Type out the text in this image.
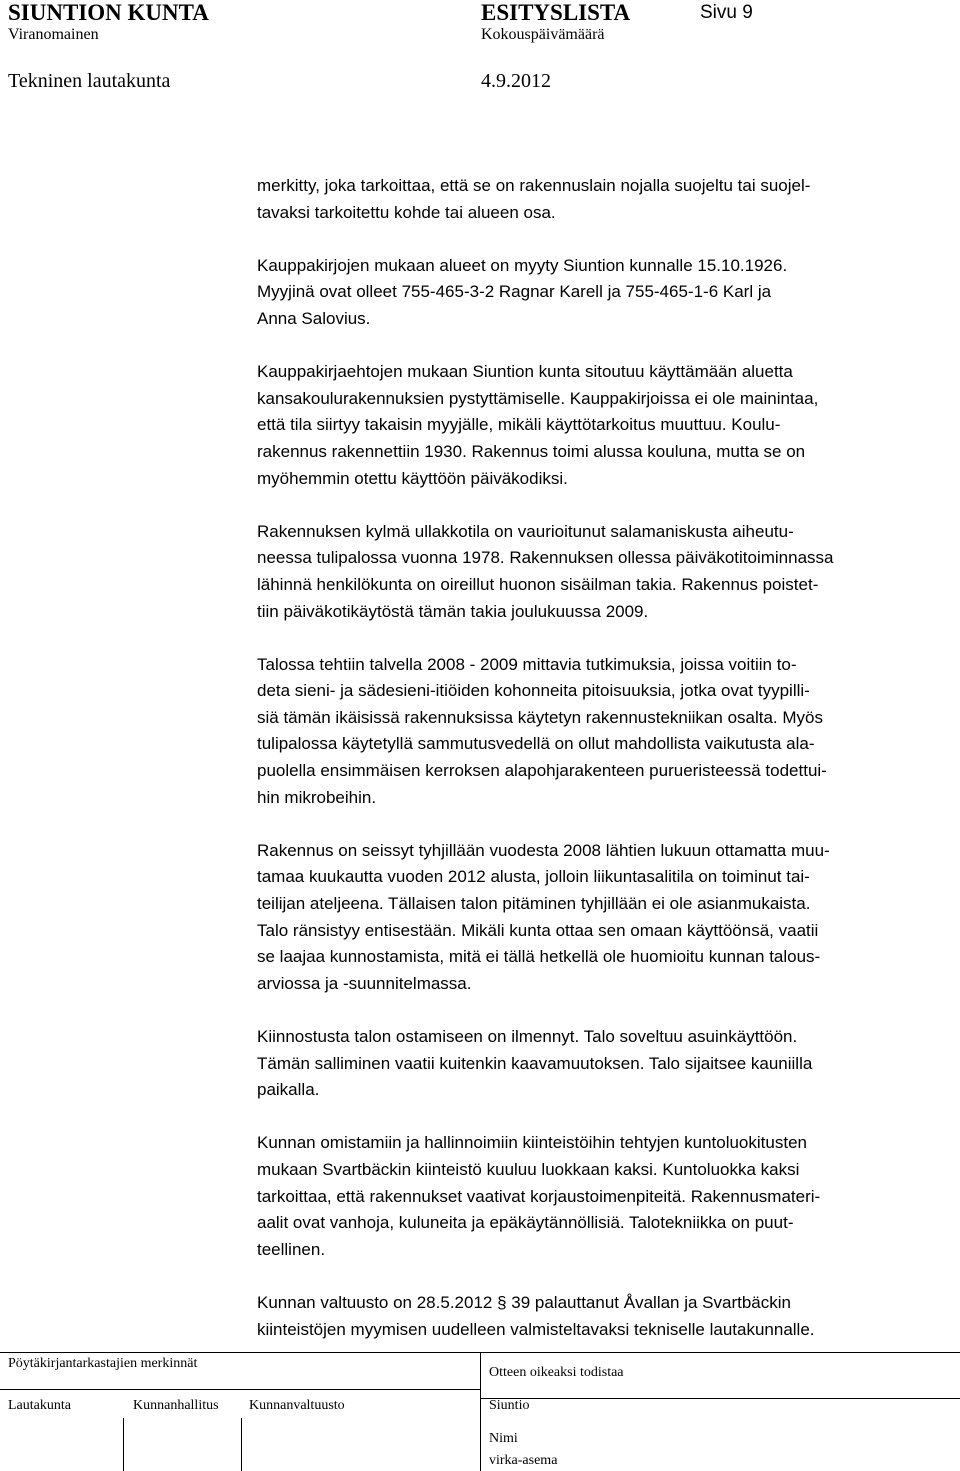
SIUNTION KUNTA	ESITYSLISTA	Sivu 9
Viranomainen	Kokouspäivämäärä
Tekninen lautakunta	4.9.2012
merkitty, joka tarkoittaa, että se on rakennuslain nojalla suojeltu tai suojel-
tavaksi tarkoitettu kohde tai alueen osa.
Kauppakirjojen mukaan alueet on myyty Siuntion kunnalle 15.10.1926.
Myyjinä ovat olleet 755-465-3-2 Ragnar Karell ja 755-465-1-6 Karl ja
Anna Salovius.
Kauppakirjaehtojen mukaan Siuntion kunta sitoutuu käyttämään aluetta
kansakoulurakennuksien pystyttämiselle. Kauppakirjoissa ei ole mainintaa,
että tila siirtyy takaisin myyjälle, mikäli käyttötarkoitus muuttuu. Koulu-
rakennus rakennettiin 1930. Rakennus toimi alussa kouluna, mutta se on
myöhemmin otettu käyttöön päiväkodiksi.
Rakennuksen kylmä ullakkotila on vaurioitunut salamaniskusta aiheutu-
neessa tulipalossa vuonna 1978. Rakennuksen ollessa päiväkotitoiminnassa
lähinnä henkilökunta on oireillut huonon sisäilman takia. Rakennus poistet-
tiin päiväkotikäytöstä tämän takia joulukuussa 2009.
Talossa tehtiin talvella 2008 - 2009 mittavia tutkimuksia, joissa voitiin to-
deta sieni- ja sädesieni-itiöiden kohonneita pitoisuuksia, jotka ovat tyypilli-
siä tämän ikäisissä rakennuksissa käytetyn rakennustekniikan osalta. Myös
tulipalossa käytetyllä sammutusvedellä on ollut mahdollista vaikutusta ala-
puolella ensimmäisen kerroksen alapohjarakenteen purueristeessä todettui-
hin mikrobeihin.
Rakennus on seissyt tyhjillään vuodesta 2008 lähtien lukuun ottamatta muu-
tamaa kuukautta vuoden 2012 alusta, jolloin liikuntasalitila on toiminut tai-
teilijan ateljeena. Tällaisen talon pitäminen tyhjillään ei ole asianmukaista.
Talo ränsistyy entisestään. Mikäli kunta ottaa sen omaan käyttöönsä, vaatii
se laajaa kunnostamista, mitä ei tällä hetkellä ole huomioitu kunnan talous-
arviossa ja -suunnitelmassa.
Kiinnostusta talon ostamiseen on ilmennyt. Talo soveltuu asuinkäyttöön.
Tämän salliminen vaatii kuitenkin kaavamuutoksen. Talo sijaitsee kauniilla
paikalla.
Kunnan omistamiin ja hallinnoimiin kiinteistöihin tehtyjen kuntoluokitusten
mukaan Svartbäckin kiinteistö kuuluu luokkaan kaksi. Kuntoluokka kaksi
tarkoittaa, että rakennukset vaativat korjaustoimenpiteitä. Rakennusmateri-
aalit ovat vanhoja, kuluneita ja epäkäytännöllisiä. Talotekniikka on puut-
teellinen.
Kunnan valtuusto on 28.5.2012 § 39 palauttanut Åvallan ja Svartbäckin
kiinteistöjen myymisen uudelleen valmisteltavaksi tekniselle lautakunnalle.
Pöytäkirjantarkastajien merkinnät
Otteen oikeaksi todistaa
Lautakunta	Kunnanhallitus Kunnanvaltuusto	Siuntio
Nimi
virka-asema
